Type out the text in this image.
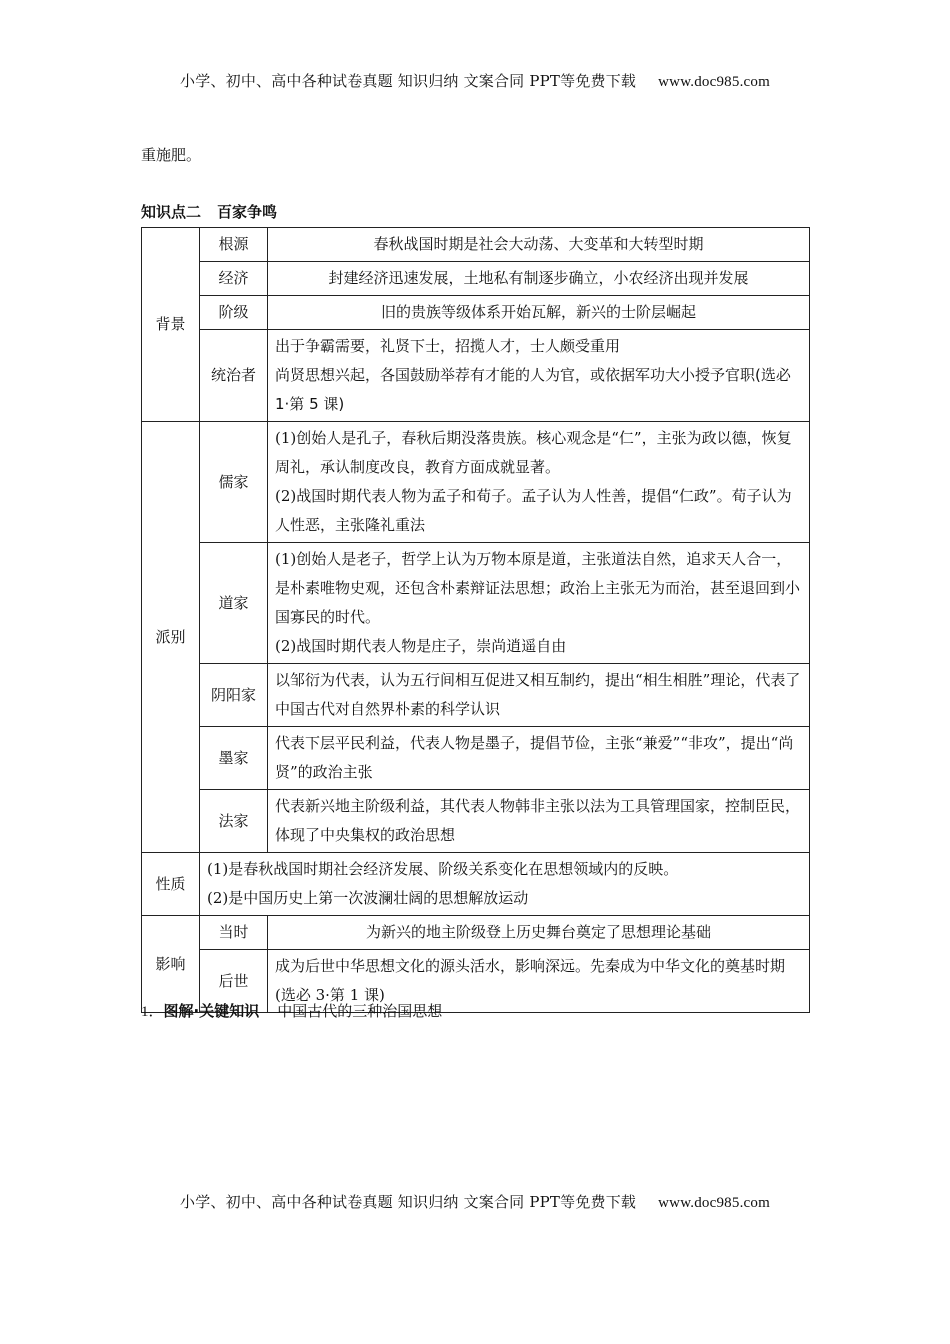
小学、初中、高中各种试卷真题 知识归纳 文案合同 PPT等免费下载 www.doc985.com
重施肥。
知识点二 百家争鸣
背景	根源	春秋战国时期是社会大动荡、大变革和大转型时期
	经济	封建经济迅速发展，土地私有制逐步确立，小农经济出现并发展
	阶级	旧的贵族等级体系开始瓦解，新兴的士阶层崛起
	统治者	出于争霸需要，礼贤下士，招揽人才，士人颇受重用
尚贤思想兴起，各国鼓励举荐有才能的人为官，或依据军功大小授予官职(选必 1·第 5 课)

派别	儒家	(1)创始人是孔子，春秋后期没落贵族。核心观念是“仁”，主张为政以德，恢复周礼，承认制度改良，教育方面成就显著。
(2)战国时期代表人物为孟子和荀子。孟子认为人性善，提倡“仁政”。荀子认为人性恶，主张隆礼重法

	道家	(1)创始人是老子，哲学上认为万物本原是道，主张道法自然，追求天人合一，是朴素唯物史观，还包含朴素辩证法思想；政治上主张无为而治，甚至退回到小国寡民的时代。
(2)战国时期代表人物是庄子，崇尚逍遥自由

	阴阳家	以邹衍为代表，认为五行间相互促进又相互制约，提出“相生相胜”理论，代表了中国古代对自然界朴素的科学认识
	墨家	代表下层平民利益，代表人物是墨子，提倡节俭，主张“兼爱”“非攻”，提出“尚贤”的政治主张
	法家	代表新兴地主阶级利益，其代表人物韩非主张以法为工具管理国家，控制臣民，体现了中央集权的政治思想
性质	(1)是春秋战国时期社会经济发展、阶级关系变化在思想领域内的反映。
(2)是中国历史上第一次波澜壮阔的思想解放运动	

影响	当时	为新兴的地主阶级登上历史舞台奠定了思想理论基础
	后世	成为后世中华思想文化的源头活水，影响深远。先秦成为中华文化的奠基时期(选必 3·第 1 课)
1．图解·关键知识 中国古代的三种治国思想
小学、初中、高中各种试卷真题 知识归纳 文案合同 PPT等免费下载 www.doc985.com
